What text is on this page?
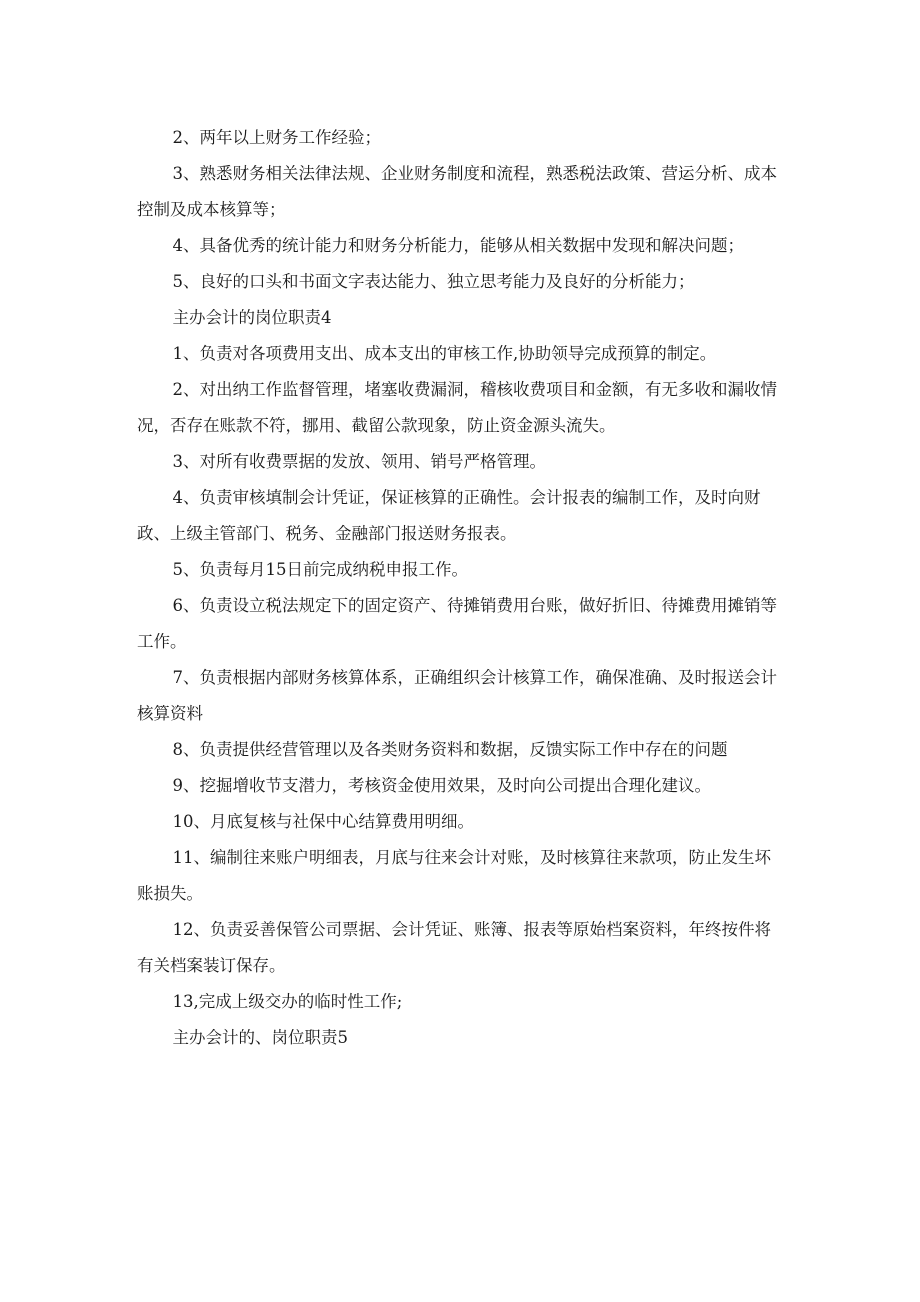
2、两年以上财务工作经验；

3、熟悉财务相关法律法规、企业财务制度和流程，熟悉税法政策、营运分析、成本控制及成本核算等；

4、具备优秀的统计能力和财务分析能力，能够从相关数据中发现和解决问题；

5、良好的口头和书面文字表达能力、独立思考能力及良好的分析能力；

主办会计的岗位职责4

1、负责对各项费用支出、成本支出的审核工作,协助领导完成预算的制定。

2、对出纳工作监督管理，堵塞收费漏洞，稽核收费项目和金额，有无多收和漏收情况，否存在账款不符，挪用、截留公款现象，防止资金源头流失。

3、对所有收费票据的发放、领用、销号严格管理。

4、负责审核填制会计凭证，保证核算的正确性。会计报表的编制工作，及时向财政、上级主管部门、税务、金融部门报送财务报表。

5、负责每月15日前完成纳税申报工作。

6、负责设立税法规定下的固定资产、待摊销费用台账，做好折旧、待摊费用摊销等工作。

7、负责根据内部财务核算体系，正确组织会计核算工作，确保准确、及时报送会计核算资料

8、负责提供经营管理以及各类财务资料和数据，反馈实际工作中存在的问题

9、挖掘增收节支潜力，考核资金使用效果，及时向公司提出合理化建议。

10、月底复核与社保中心结算费用明细。

11、编制往来账户明细表，月底与往来会计对账，及时核算往来款项，防止发生坏账损失。

12、负责妥善保管公司票据、会计凭证、账簿、报表等原始档案资料，年终按件将有关档案装订保存。

13,完成上级交办的临时性工作;

主办会计的、岗位职责5
